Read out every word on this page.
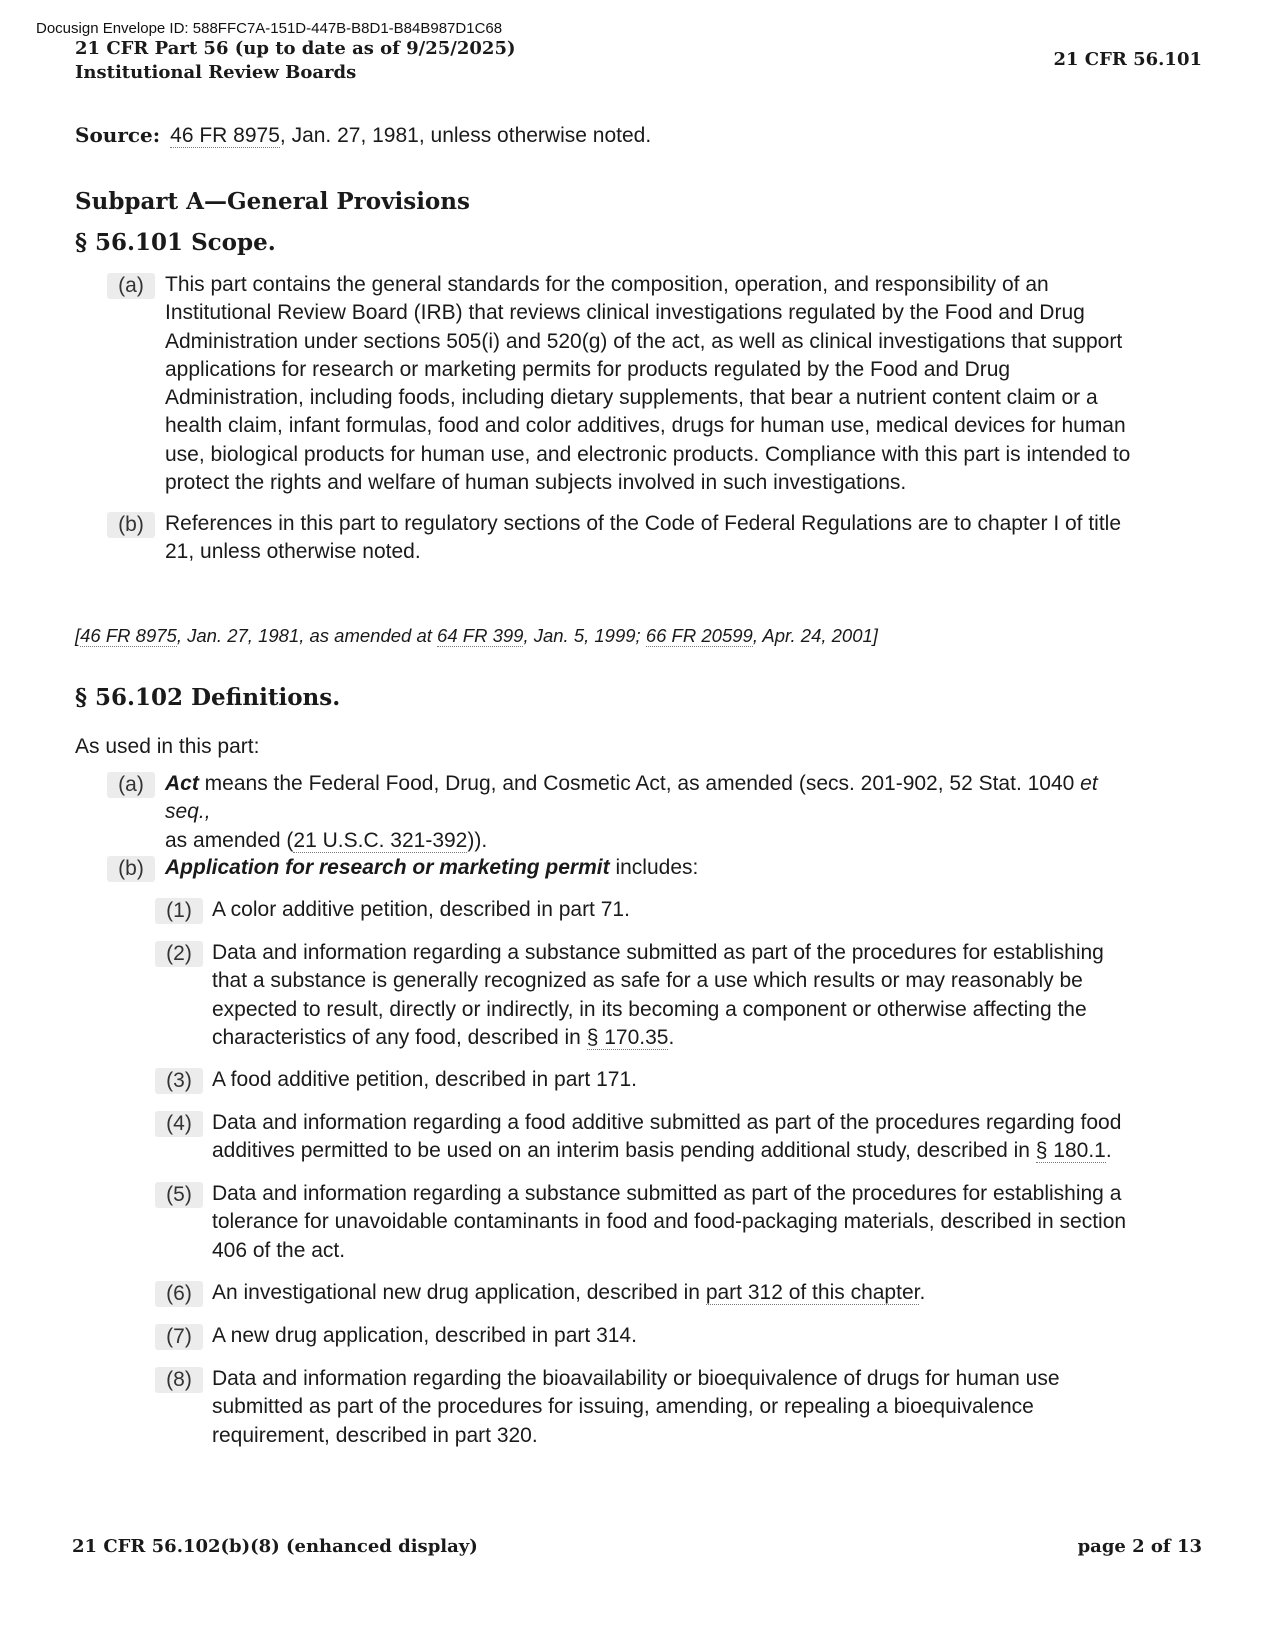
Docusign Envelope ID: 588FFC7A-151D-447B-B8D1-B84B987D1C68
21 CFR Part 56 (up to date as of 9/25/2025)
Institutional Review Boards
21 CFR 56.101
Source: 46 FR 8975, Jan. 27, 1981, unless otherwise noted.
Subpart A—General Provisions
§ 56.101 Scope.
(a)	This part contains the general standards for the composition, operation, and responsibility of an Institutional Review Board (IRB) that reviews clinical investigations regulated by the Food and Drug Administration under sections 505(i) and 520(g) of the act, as well as clinical investigations that support applications for research or marketing permits for products regulated by the Food and Drug Administration, including foods, including dietary supplements, that bear a nutrient content claim or a health claim, infant formulas, food and color additives, drugs for human use, medical devices for human use, biological products for human use, and electronic products. Compliance with this part is intended to protect the rights and welfare of human subjects involved in such investigations.
(b)	References in this part to regulatory sections of the Code of Federal Regulations are to chapter I of title 21, unless otherwise noted.
[46 FR 8975, Jan. 27, 1981, as amended at 64 FR 399, Jan. 5, 1999; 66 FR 20599, Apr. 24, 2001]
§ 56.102 Definitions.
As used in this part:
(a)	Act means the Federal Food, Drug, and Cosmetic Act, as amended (secs. 201-902, 52 Stat. 1040 et seq.,
as amended (21 U.S.C. 321-392)).
(b)	Application for research or marketing permit includes:
(1) A color additive petition, described in part 71.
(2) Data and information regarding a substance submitted as part of the procedures for establishing that a substance is generally recognized as safe for a use which results or may reasonably be expected to result, directly or indirectly, in its becoming a component or otherwise affecting the characteristics of any food, described in § 170.35.
(3) A food additive petition, described in part 171.
(4) Data and information regarding a food additive submitted as part of the procedures regarding food additives permitted to be used on an interim basis pending additional study, described in § 180.1.
(5) Data and information regarding a substance submitted as part of the procedures for establishing a tolerance for unavoidable contaminants in food and food-packaging materials, described in section 406 of the act.
(6) An investigational new drug application, described in part 312 of this chapter.
(7) A new drug application, described in part 314.
(8) Data and information regarding the bioavailability or bioequivalence of drugs for human use submitted as part of the procedures for issuing, amending, or repealing a bioequivalence requirement, described in part 320.
21 CFR 56.102(b)(8) (enhanced display)	page 2 of 13
